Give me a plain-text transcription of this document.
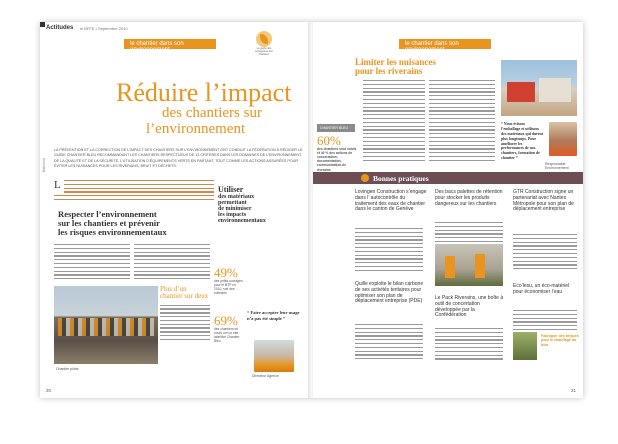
Actitudes le BFFE • Septembre 2010
le chantier dans son environnement	Le guide des entreprises des chantiers
Réduire l’impact
des chantiers sur
l’environnement
LA PRÉVENTION ET LA CORRECTION DE L’IMPACT DES CHANTIERS SUR L’ENVIRONNEMENT ONT CONDUIT LA FÉDÉRATION À RÉDIGER LE GUIDE CHANTIER BLEU RECOMMANDANT LES CHANTIERS RESPECTUEUX DE 13 CRITÈRES DANS LES DOMAINES DE L’ENVIRONNEMENT, DE LA QUALITÉ ET DE LA SÉCURITÉ, L’UTILISATION D’ÉQUIPEMENTS VERTS EN PARTANT, TOUT COMME LES ACTIONS ASSURÉES POUR ÉVITER LES NUISANCES POUR LES RIVERAINS, BRUIT ET DÉCHETS.
L	Utiliser
des matériaux
permettant
de minimiser
les impacts
environnementaux
Respecter l’environnement
sur les chantiers et prévenir
les risques environnementaux
Chantier pilote
Plus d’un chantier sur deux
49%
des petits ouvrages pour le BTP en 2010, soit des collectés
69%
des chantiers en cours ont un site labellisé Chantier Bleu
“ Faire accepter leur usage n’a pas été simple ”
Directeur Agence
20
Bâtiment
le chantier dans son environnement
Limiter les nuisances
pour les riverains
CHANTIER BLEU
60%
des chantiers sont suivis et 40 % des actions de concertation, documentation, communication de riverains
“ Nous évitons l’emballage et utilisons des matériaux qui durent plus longtemps. Pour améliorer les performances de nos chantiers, formation de chantier ”
Responsable Environnement
Bonnes pratiques
Lovingen Construction s’engage dans l’ autocontrôle du traitement des eaux de chantier dans le canton de Genève
Quille exploite le bilan carbone de ses activités tertiaires pour optimiser son plan de déplacement entreprise (PDE)
Des bacs palettes de rétention pour stocker les produits dangereux sur les chantiers
Le Pack Riverains, une boîte à outil de concertation développée par la Confédération
GTR Construction signe un partenariat avec Nantes Métropole pour son plan de déplacement entreprise
Eco’lesu, un éco-matériel pour économiser l’eau
Fabriquer des briques pour le chauffage au bois
21
